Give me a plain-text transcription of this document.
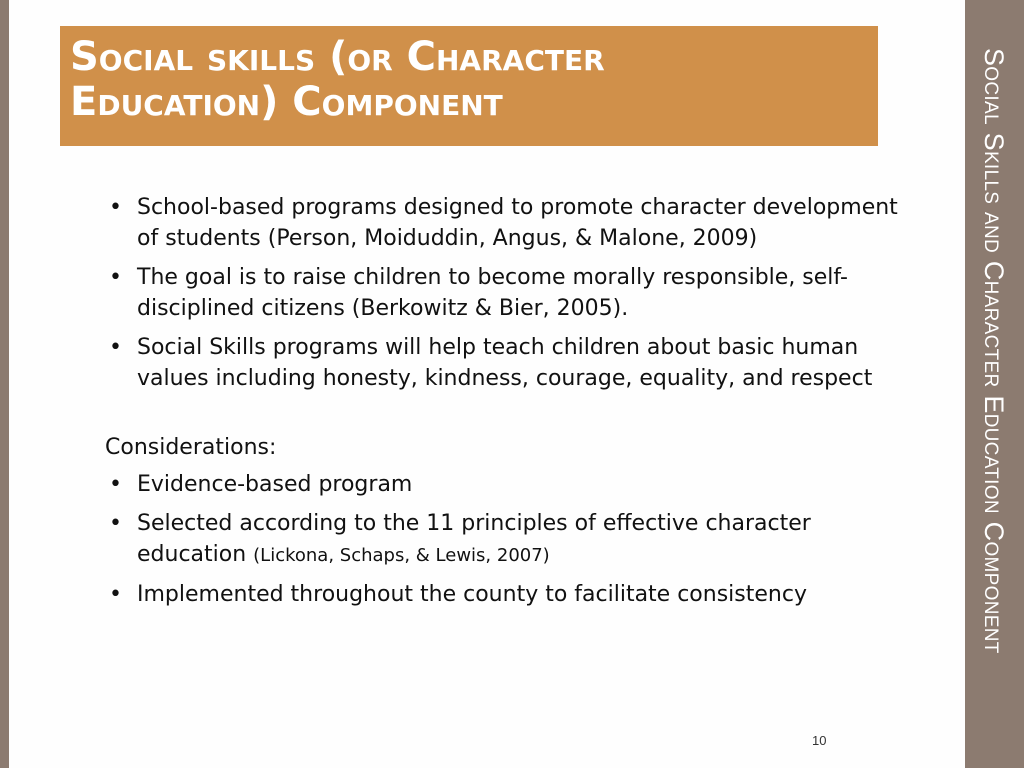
Social Skills and Character Education Component
Social skills (or Character Education) Component
• School-based programs designed to promote character development of students (Person, Moiduddin, Angus, & Malone, 2009)
• The goal is to raise children to become morally responsible, self-disciplined citizens (Berkowitz & Bier, 2005).
• Social Skills programs will help teach children about basic human values including honesty, kindness, courage, equality, and respect
Considerations:
• Evidence-based program
• Selected according to the 11 principles of effective character education (Lickona, Schaps, & Lewis, 2007)
• Implemented throughout the county to facilitate consistency
10
